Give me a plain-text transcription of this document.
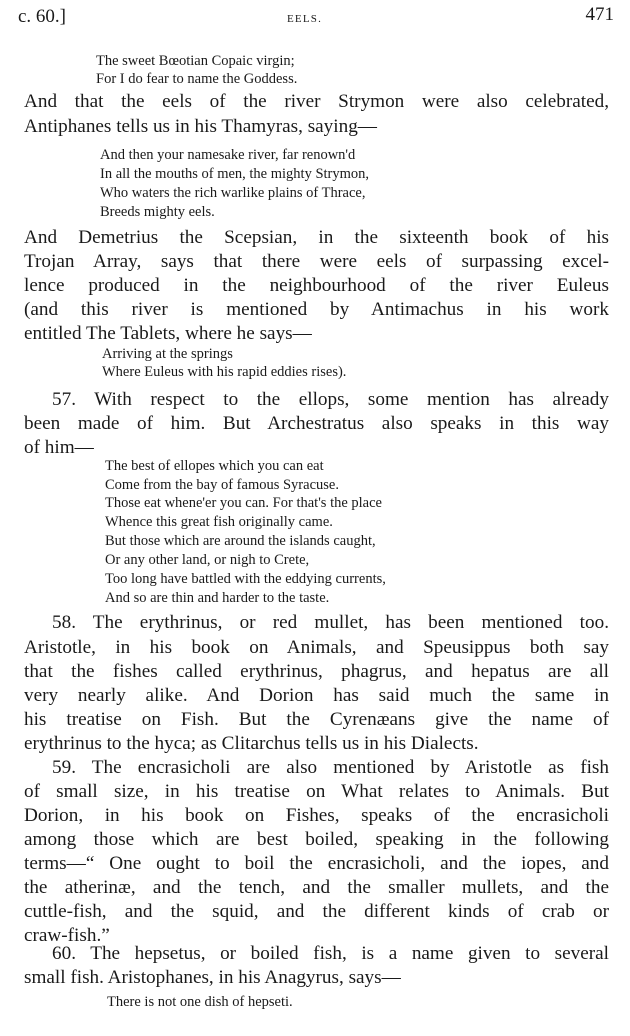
c. 60.]	EELS.	471
The sweet Bœotian Copaic virgin;
For I do fear to name the Goddess.
And that the eels of the river Strymon were also celebrated,
Antiphanes tells us in his Thamyras, saying—
And then your namesake river, far renown'd
In all the mouths of men, the mighty Strymon,
Who waters the rich warlike plains of Thrace,
Breeds mighty eels.
And Demetrius the Scepsian, in the sixteenth book of his
Trojan Array, says that there were eels of surpassing excel-
lence produced in the neighbourhood of the river Euleus
(and this river is mentioned by Antimachus in his work
entitled The Tablets, where he says—
Arriving at the springs
Where Euleus with his rapid eddies rises).
57. With respect to the ellops, some mention has already
been made of him. But Archestratus also speaks in this way
of him—
The best of ellopes which you can eat
Come from the bay of famous Syracuse.
Those eat whene'er you can. For that's the place
Whence this great fish originally came.
But those which are around the islands caught,
Or any other land, or nigh to Crete,
Too long have battled with the eddying currents,
And so are thin and harder to the taste.
58. The erythrinus, or red mullet, has been mentioned too.
Aristotle, in his book on Animals, and Speusippus both say
that the fishes called erythrinus, phagrus, and hepatus are all
very nearly alike. And Dorion has said much the same in
his treatise on Fish. But the Cyrenæans give the name of
erythrinus to the hyca; as Clitarchus tells us in his Dialects.
59. The encrasicholi are also mentioned by Aristotle as fish
of small size, in his treatise on What relates to Animals. But
Dorion, in his book on Fishes, speaks of the encrasicholi
among those which are best boiled, speaking in the following
terms—“ One ought to boil the encrasicholi, and the iopes, and
the atherinæ, and the tench, and the smaller mullets, and the
cuttle-fish, and the squid, and the different kinds of crab or
craw-fish.”
60. The hepsetus, or boiled fish, is a name given to several
small fish. Aristophanes, in his Anagyrus, says—
There is not one dish of hepseti.
